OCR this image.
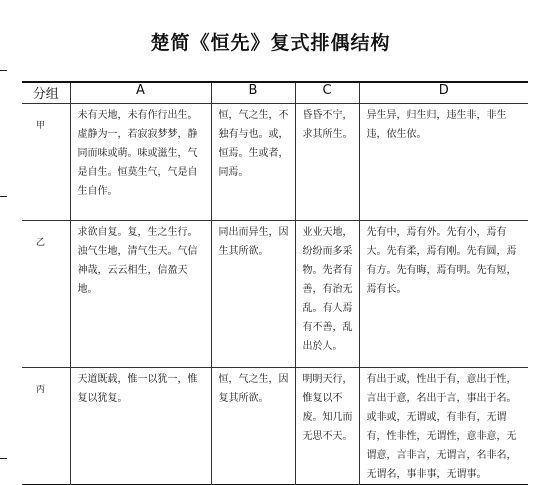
楚简《恒先》复式排偶结构
分组	A	B	C	D
甲	未有天地，未有作行出生。虚静为一，若寂寂梦梦，静同而味或萌。味或滋生，气是自生。恒莫生气，气是自生自作。	恒，气之生，不独有与也。或，恒焉。生或者，同焉。	昏昏不宁，求其所生。	异生异，归生归，违生非，非生违，依生依。
乙	求欲自复。复，生之生行。浊气生地，清气生天。气信神哉，云云相生，信盈天地。	同出而异生，因生其所欲。	业业天地，纷纷而多采物。先者有善，有治无乱。有人焉有不善，乱出於人。	先有中，焉有外。先有小，焉有大。先有柔，焉有刚。先有圆，焉有方。先有晦，焉有明。先有短，焉有长。
丙	天道既载，惟一以犹一，惟复以犹复。	恒，气之生，因复其所欲。	明明天行，惟复以不废。知几而无思不天。	有出于或，性出于有，意出于性，言出于意，名出于言，事出于名。或非或，无谓或，有非有，无谓有，性非性，无谓性，意非意，无谓意，言非言，无谓言，名非名，无谓名，事非事，无谓事。
